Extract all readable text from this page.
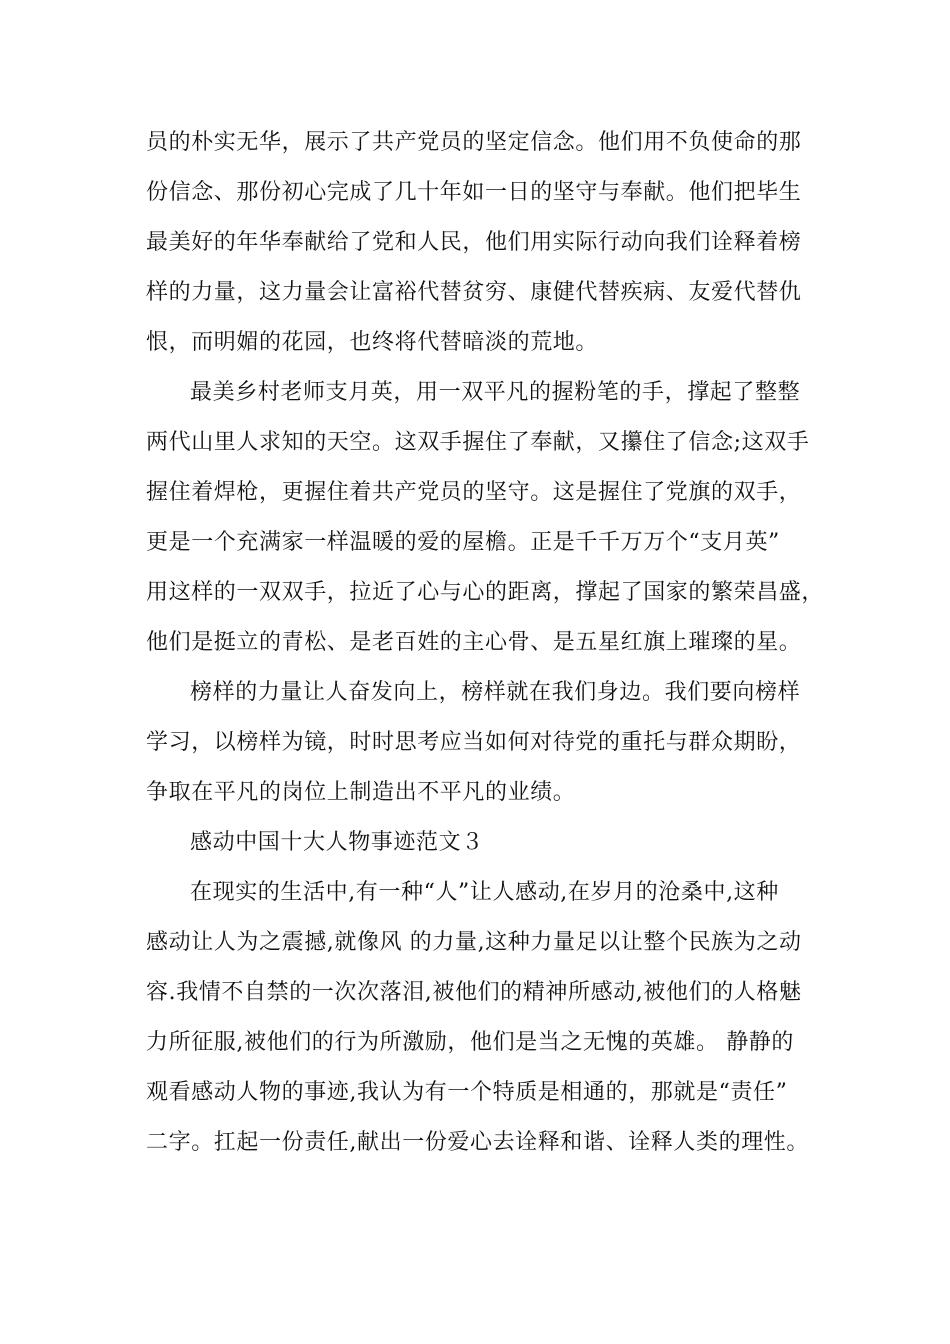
员的朴实无华，展示了共产党员的坚定信念。他们用不负使命的那
份信念、那份初心完成了几十年如一日的坚守与奉献。他们把毕生
最美好的年华奉献给了党和人民，他们用实际行动向我们诠释着榜
样的力量，这力量会让富裕代替贫穷、康健代替疾病、友爱代替仇
恨，而明媚的花园，也终将代替暗淡的荒地。
最美乡村老师支月英，用一双平凡的握粉笔的手，撑起了整整
两代山里人求知的天空。这双手握住了奉献，又攥住了信念;这双手
握住着焊枪，更握住着共产党员的坚守。这是握住了党旗的双手，
更是一个充满家一样温暖的爱的屋檐。正是千千万万个“支月英”
用这样的一双双手，拉近了心与心的距离，撑起了国家的繁荣昌盛，
他们是挺立的青松、是老百姓的主心骨、是五星红旗上璀璨的星。
榜样的力量让人奋发向上，榜样就在我们身边。我们要向榜样
学习，以榜样为镜，时时思考应当如何对待党的重托与群众期盼，
争取在平凡的岗位上制造出不平凡的业绩。
感动中国十大人物事迹范文３
在现实的生活中,有一种“人”让人感动,在岁月的沧桑中,这种
感动让人为之震撼,就像风 的力量,这种力量足以让整个民族为之动
容.我情不自禁的一次次落泪,被他们的精神所感动,被他们的人格魅
力所征服,被他们的行为所激励，他们是当之无愧的英雄。 静静的
观看感动人物的事迹,我认为有一个特质是相通的，那就是“责任”
二字。扛起一份责任,献出一份爱心去诠释和谐、诠释人类的理性。
